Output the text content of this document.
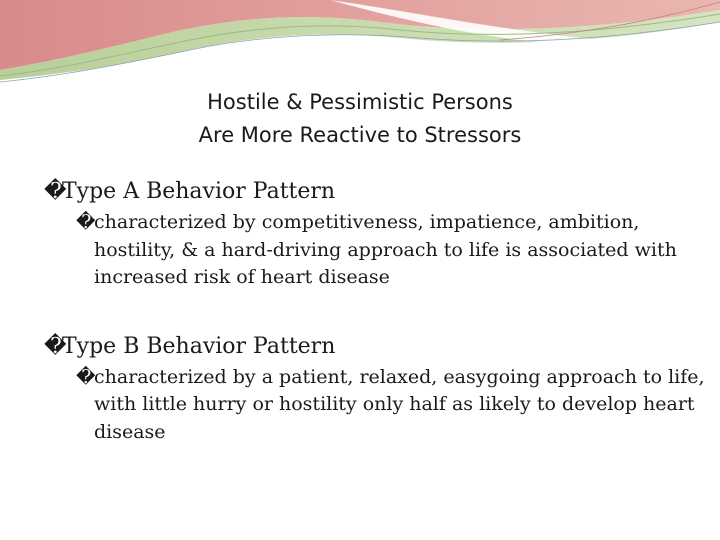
Hostile & Pessimistic Persons
Are More Reactive to Stressors
�
Type A Behavior Pattern
�
characterized by competitiveness, impatience, ambition, hostility, & a hard-driving approach to life is associated with increased risk of heart disease
�
Type B Behavior Pattern
�
characterized by a patient, relaxed, easygoing approach to life, with little hurry or hostility only half as likely to develop heart disease
